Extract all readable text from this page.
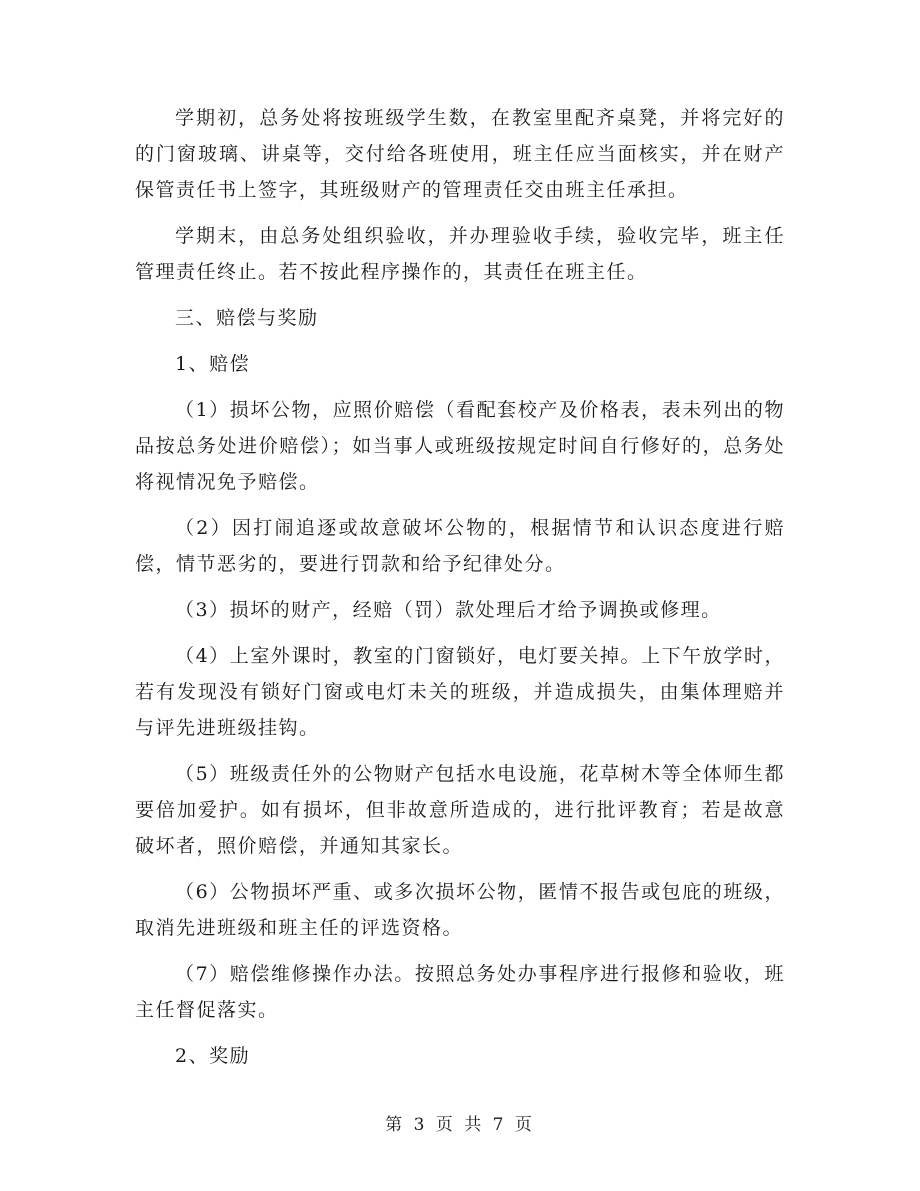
学期初，总务处将按班级学生数，在教室里配齐桌凳，并将完好的的门窗玻璃、讲桌等，交付给各班使用，班主任应当面核实，并在财产保管责任书上签字，其班级财产的管理责任交由班主任承担。

学期末，由总务处组织验收，并办理验收手续，验收完毕，班主任管理责任终止。若不按此程序操作的，其责任在班主任。

三、赔偿与奖励

1、赔偿

（1）损坏公物，应照价赔偿（看配套校产及价格表，表未列出的物品按总务处进价赔偿）；如当事人或班级按规定时间自行修好的，总务处将视情况免予赔偿。

（2）因打闹追逐或故意破坏公物的，根据情节和认识态度进行赔偿，情节恶劣的，要进行罚款和给予纪律处分。

（3）损坏的财产，经赔（罚）款处理后才给予调换或修理。

（4）上室外课时，教室的门窗锁好，电灯要关掉。上下午放学时，若有发现没有锁好门窗或电灯未关的班级，并造成损失，由集体理赔并与评先进班级挂钩。

（5）班级责任外的公物财产包括水电设施，花草树木等全体师生都要倍加爱护。如有损坏，但非故意所造成的，进行批评教育；若是故意破坏者，照价赔偿，并通知其家长。

（6）公物损坏严重、或多次损坏公物，匿情不报告或包庇的班级，取消先进班级和班主任的评选资格。

（7）赔偿维修操作办法。按照总务处办事程序进行报修和验收，班主任督促落实。

2、奖励

第 3 页 共 7 页
